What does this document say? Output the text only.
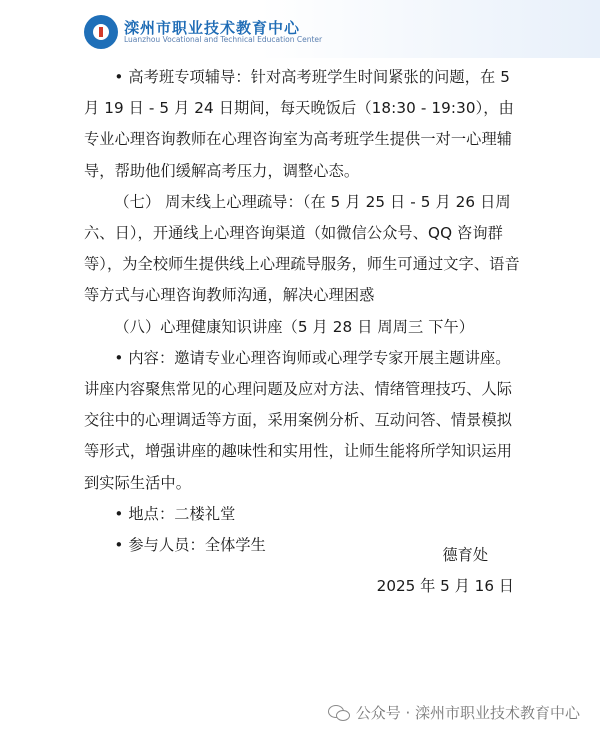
滦州市职业技术教育中心
Luanzhou Vocational and Technical Education Center

• 高考班专项辅导：针对高考班学生时间紧张的问题，在 5 月 19 日 - 5 月 24 日期间，每天晚饭后（18:30 - 19:30），由专业心理咨询教师在心理咨询室为高考班学生提供一对一心理辅导，帮助他们缓解高考压力，调整心态。

（七） 周末线上心理疏导：（在 5 月 25 日 - 5 月 26 日周六、日），开通线上心理咨询渠道（如微信公众号、QQ 咨询群等），为全校师生提供线上心理疏导服务，师生可通过文字、语音等方式与心理咨询教师沟通，解决心理困惑

（八）心理健康知识讲座（5 月 28 日 周周三 下午）

• 内容：邀请专业心理咨询师或心理学专家开展主题讲座。讲座内容聚焦常见的心理问题及应对方法、情绪管理技巧、人际交往中的心理调适等方面，采用案例分析、互动问答、情景模拟等形式，增强讲座的趣味性和实用性，让师生能将所学知识运用到实际生活中。

• 地点：二楼礼堂

• 参与人员：全体学生

德育处
2025 年 5 月 16 日
公众号 · 滦州市职业技术教育中心
